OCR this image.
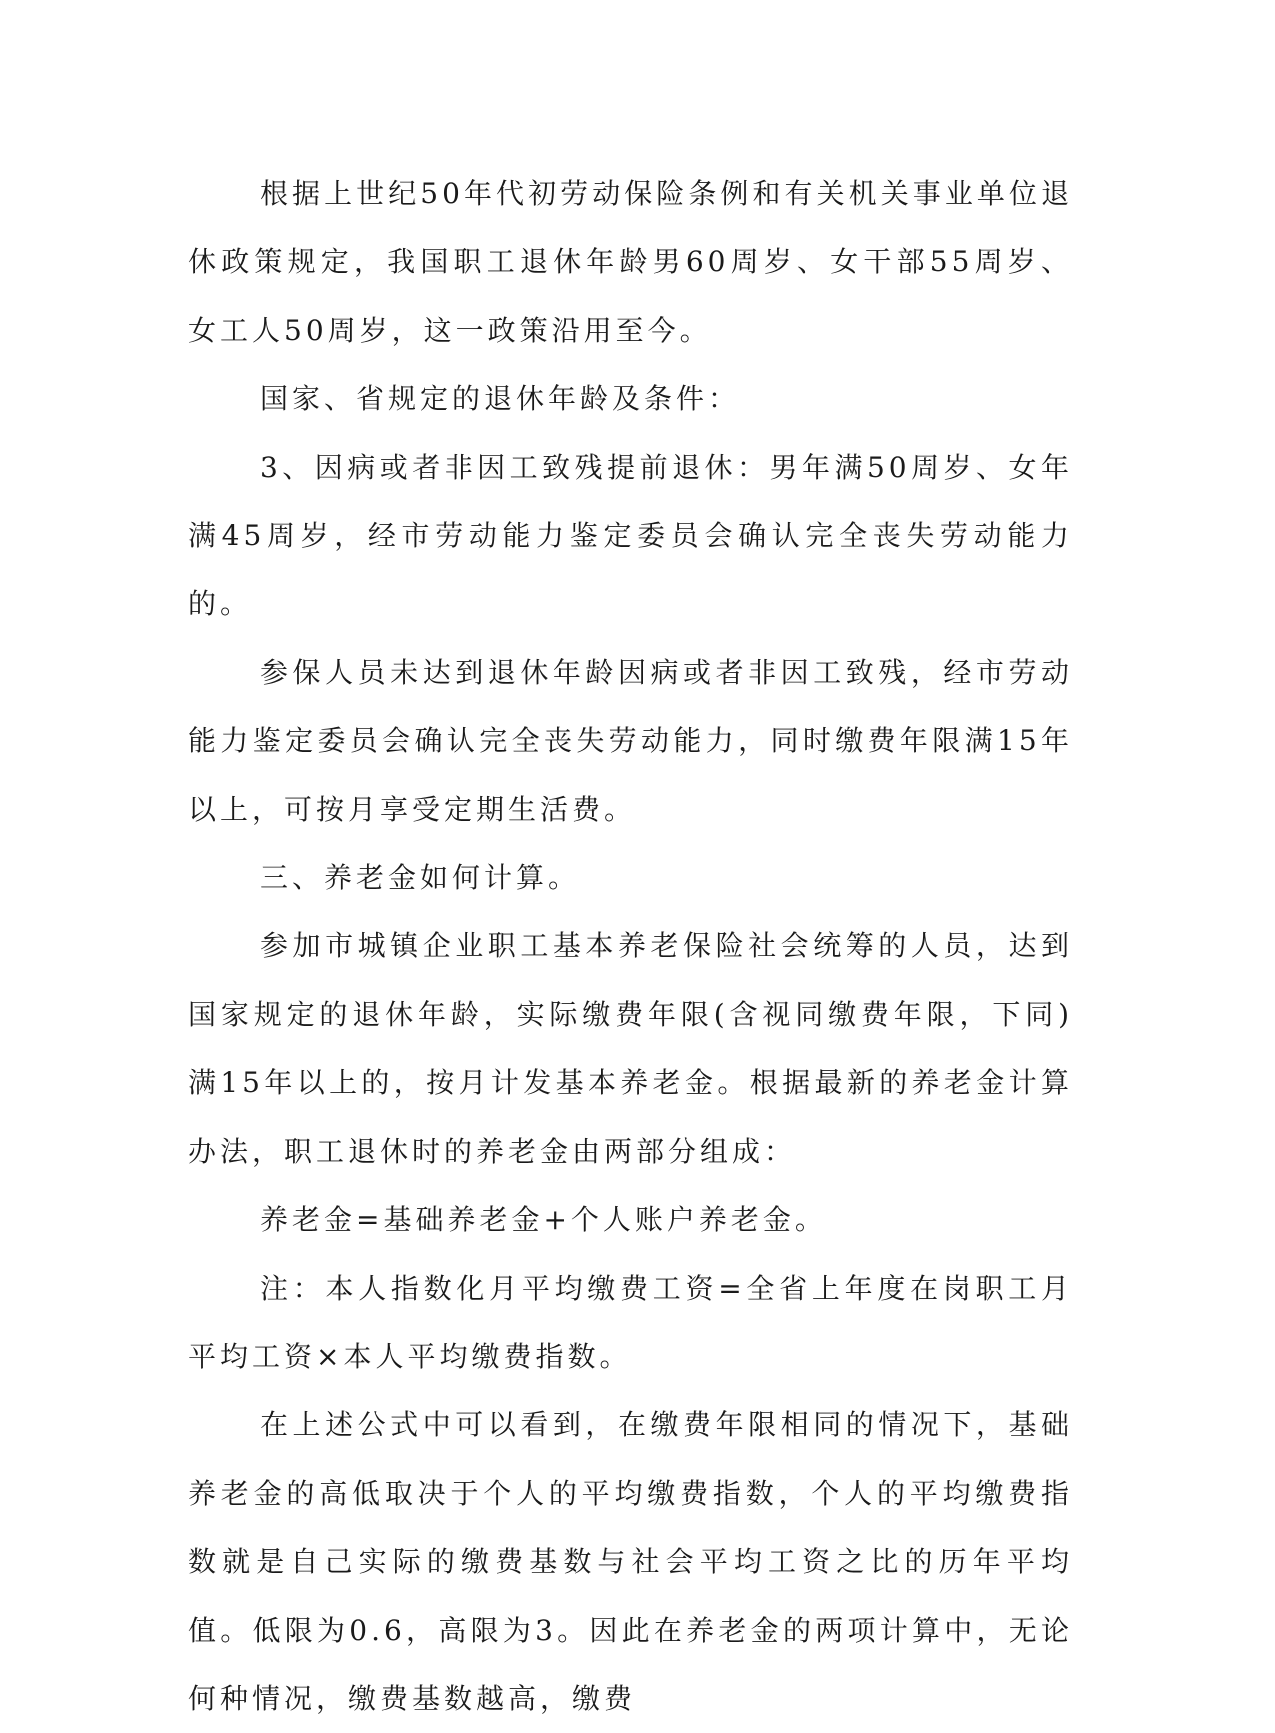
根据上世纪50年代初劳动保险条例和有关机关事业单位退休政策规定，我国职工退休年龄男60周岁、女干部55周岁、女工人50周岁，这一政策沿用至今。

国家、省规定的退休年龄及条件：

3、因病或者非因工致残提前退休：男年满50周岁、女年满45周岁，经市劳动能力鉴定委员会确认完全丧失劳动能力的。

参保人员未达到退休年龄因病或者非因工致残，经市劳动能力鉴定委员会确认完全丧失劳动能力，同时缴费年限满15年以上，可按月享受定期生活费。

三、养老金如何计算。

参加市城镇企业职工基本养老保险社会统筹的人员，达到国家规定的退休年龄，实际缴费年限(含视同缴费年限，下同)满15年以上的，按月计发基本养老金。根据最新的养老金计算办法，职工退休时的养老金由两部分组成：

养老金=基础养老金+个人账户养老金。

注：本人指数化月平均缴费工资=全省上年度在岗职工月平均工资×本人平均缴费指数。

在上述公式中可以看到，在缴费年限相同的情况下，基础养老金的高低取决于个人的平均缴费指数，个人的平均缴费指数就是自己实际的缴费基数与社会平均工资之比的历年平均值。低限为0.6，高限为3。因此在养老金的两项计算中，无论何种情况，缴费基数越高，缴费
